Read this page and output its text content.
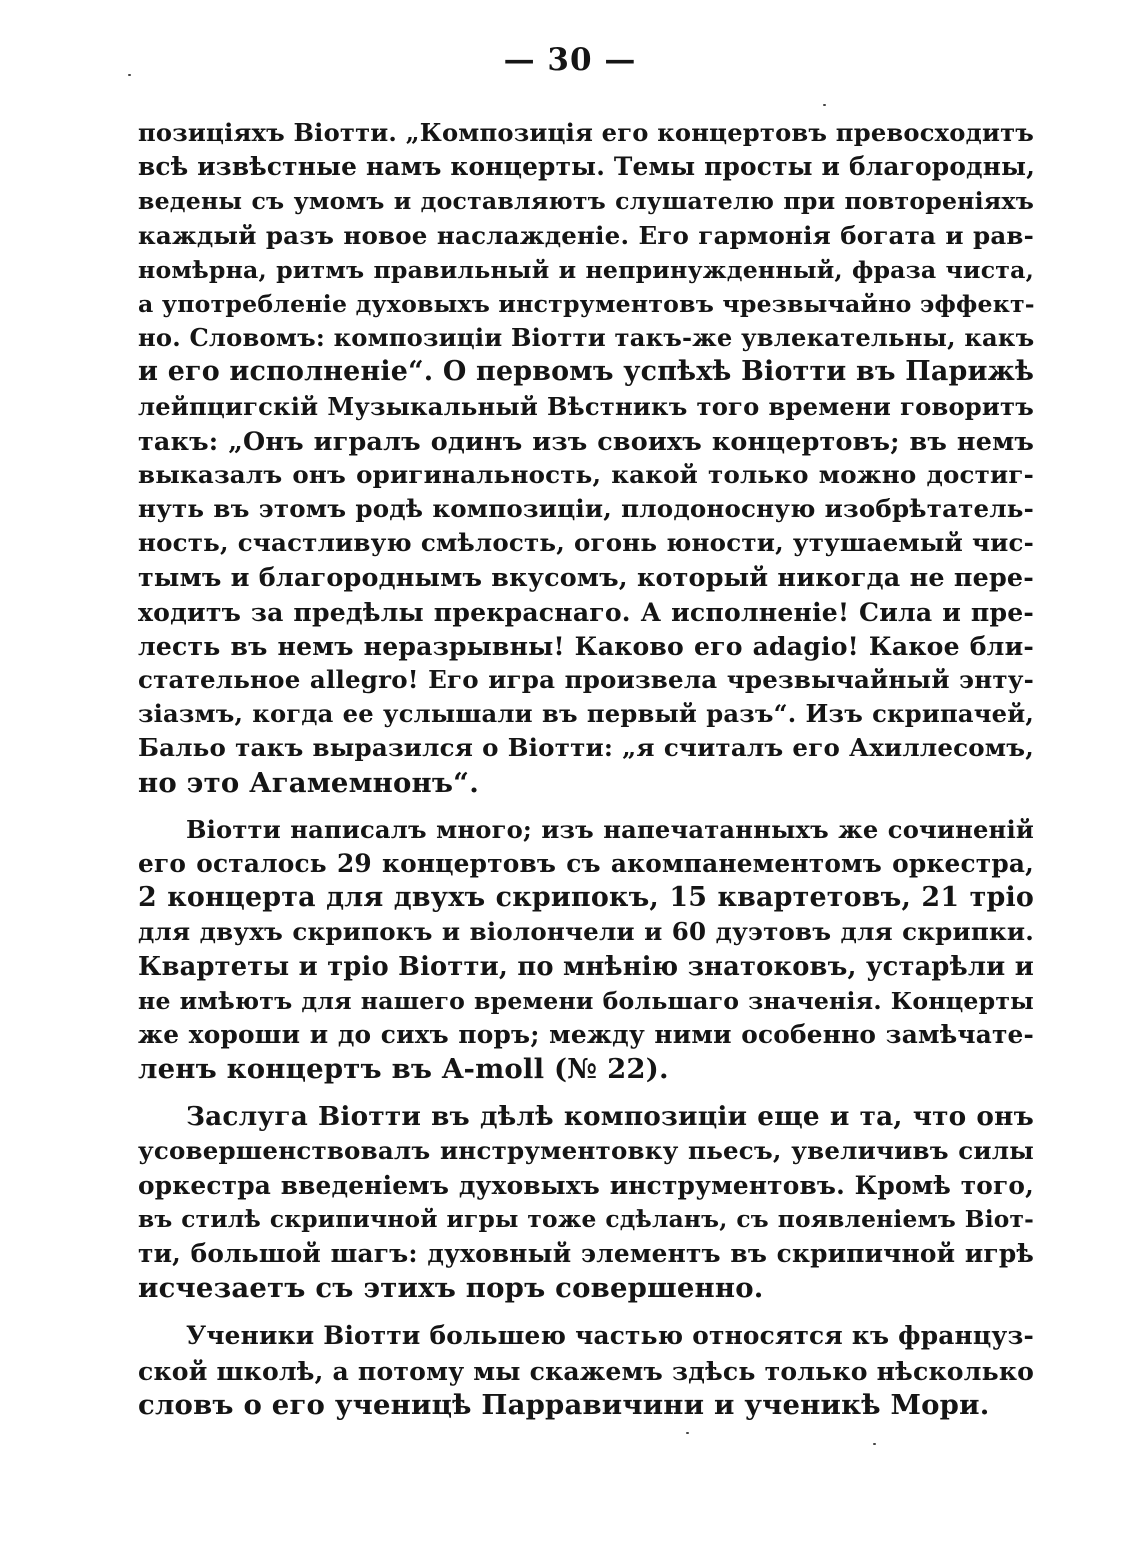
— 30 —
позиціяхъ Віотти. „Композиція его концертовъ превосходитъ
всѣ извѣстные намъ концерты. Темы просты и благородны,
ведены съ умомъ и доставляютъ слушателю при повтореніяхъ
каждый разъ новое наслажденіе. Его гармонія богата и рав-
номѣрна, ритмъ правильный и непринужденный, фраза чиста,
а употребленіе духовыхъ инструментовъ чрезвычайно эффект-
но. Словомъ: композиціи Віотти такъ-же увлекательны, какъ
и его исполненіе“. О первомъ успѣхѣ Віотти въ Парижѣ
лейпцигскій Музыкальный Вѣстникъ того времени говоритъ
такъ: „Онъ игралъ одинъ изъ своихъ концертовъ; въ немъ
выказалъ онъ оригинальность, какой только можно достиг-
нуть въ этомъ родѣ композиціи, плодоносную изобрѣтатель-
ность, счастливую смѣлость, огонь юности, утушаемый чис-
тымъ и благороднымъ вкусомъ, который никогда не пере-
ходитъ за предѣлы прекраснаго. А исполненіе! Сила и пре-
лесть въ немъ неразрывны! Каково его adagio! Какое бли-
стательное allegro! Его игра произвела чрезвычайный энту-
зіазмъ, когда ее услышали въ первый разъ“. Изъ скрипачей,
Бальо такъ выразился о Віотти: „я считалъ его Ахиллесомъ,
но это Агамемнонъ“.
Віотти написалъ много; изъ напечатанныхъ же сочиненій
его осталось 29 концертовъ съ акомпанементомъ оркестра,
2 концерта для двухъ скрипокъ, 15 квартетовъ, 21 тріо
для двухъ скрипокъ и віолончели и 60 дуэтовъ для скрипки.
Квартеты и тріо Віотти, по мнѣнію знатоковъ, устарѣли и
не имѣютъ для нашего времени большаго значенія. Концерты
же хороши и до сихъ поръ; между ними особенно замѣчате-
ленъ концертъ въ A-moll (№ 22).
Заслуга Віотти въ дѣлѣ композиціи еще и та, что онъ
усовершенствовалъ инструментовку пьесъ, увеличивъ силы
оркестра введеніемъ духовыхъ инструментовъ. Кромѣ того,
въ стилѣ скрипичной игры тоже сдѣланъ, съ появленіемъ Віот-
ти, большой шагъ: духовный элементъ въ скрипичной игрѣ
исчезаетъ съ этихъ поръ совершенно.
Ученики Віотти большею частью относятся къ француз-
ской школѣ, а потому мы скажемъ здѣсь только нѣсколько
словъ о его ученицѣ Парравичини и ученикѣ Мори.
